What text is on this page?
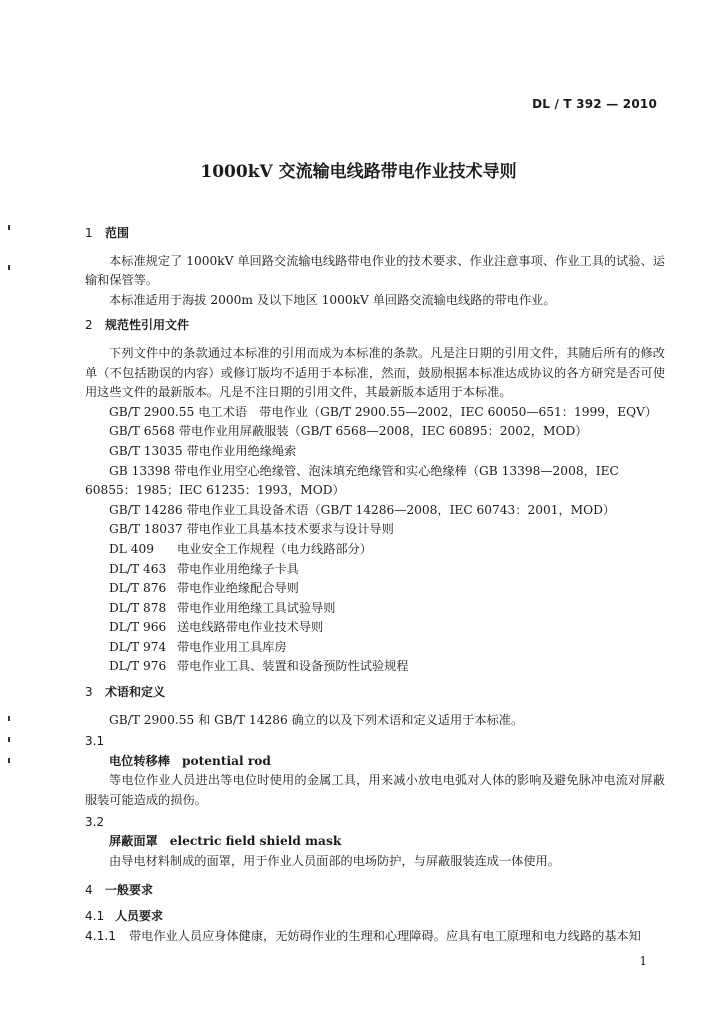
DL / T 392 — 2010
1000kV 交流输电线路带电作业技术导则
1 范围
本标准规定了 1000kV 单回路交流输电线路带电作业的技术要求、作业注意事项、作业工具的试验、运输和保管等。
本标准适用于海拔 2000m 及以下地区 1000kV 单回路交流输电线路的带电作业。
2 规范性引用文件
下列文件中的条款通过本标准的引用而成为本标准的条款。凡是注日期的引用文件，其随后所有的修改单（不包括勘误的内容）或修订版均不适用于本标准，然而，鼓励根据本标准达成协议的各方研究是否可使用这些文件的最新版本。凡是不注日期的引用文件，其最新版本适用于本标准。
GB/T 2900.55 电工术语　带电作业（GB/T 2900.55—2002，IEC 60050—651：1999，EQV）
GB/T 6568 带电作业用屏蔽服装（GB/T 6568—2008，IEC 60895：2002，MOD）
GB/T 13035 带电作业用绝缘绳索
GB 13398 带电作业用空心绝缘管、泡沫填充绝缘管和实心绝缘棒（GB 13398—2008，IEC 60855：1985；IEC 61235：1993，MOD）
GB/T 14286 带电作业工具设备术语（GB/T 14286—2008，IEC 60743：2001，MOD）
GB/T 18037 带电作业工具基本技术要求与设计导则
DL 409 电业安全工作规程（电力线路部分）
DL/T 463 带电作业用绝缘子卡具
DL/T 876 带电作业绝缘配合导则
DL/T 878 带电作业用绝缘工具试验导则
DL/T 966 送电线路带电作业技术导则
DL/T 974 带电作业用工具库房
DL/T 976 带电作业工具、装置和设备预防性试验规程
3 术语和定义
GB/T 2900.55 和 GB/T 14286 确立的以及下列术语和定义适用于本标准。
3.1
电位转移棒 potential rod
等电位作业人员进出等电位时使用的金属工具，用来减小放电电弧对人体的影响及避免脉冲电流对屏蔽服装可能造成的损伤。
3.2
屏蔽面罩 electric field shield mask
由导电材料制成的面罩，用于作业人员面部的电场防护，与屏蔽服装连成一体使用。
4 一般要求
4.1 人员要求
4.1.1 带电作业人员应身体健康，无妨碍作业的生理和心理障碍。应具有电工原理和电力线路的基本知
1
